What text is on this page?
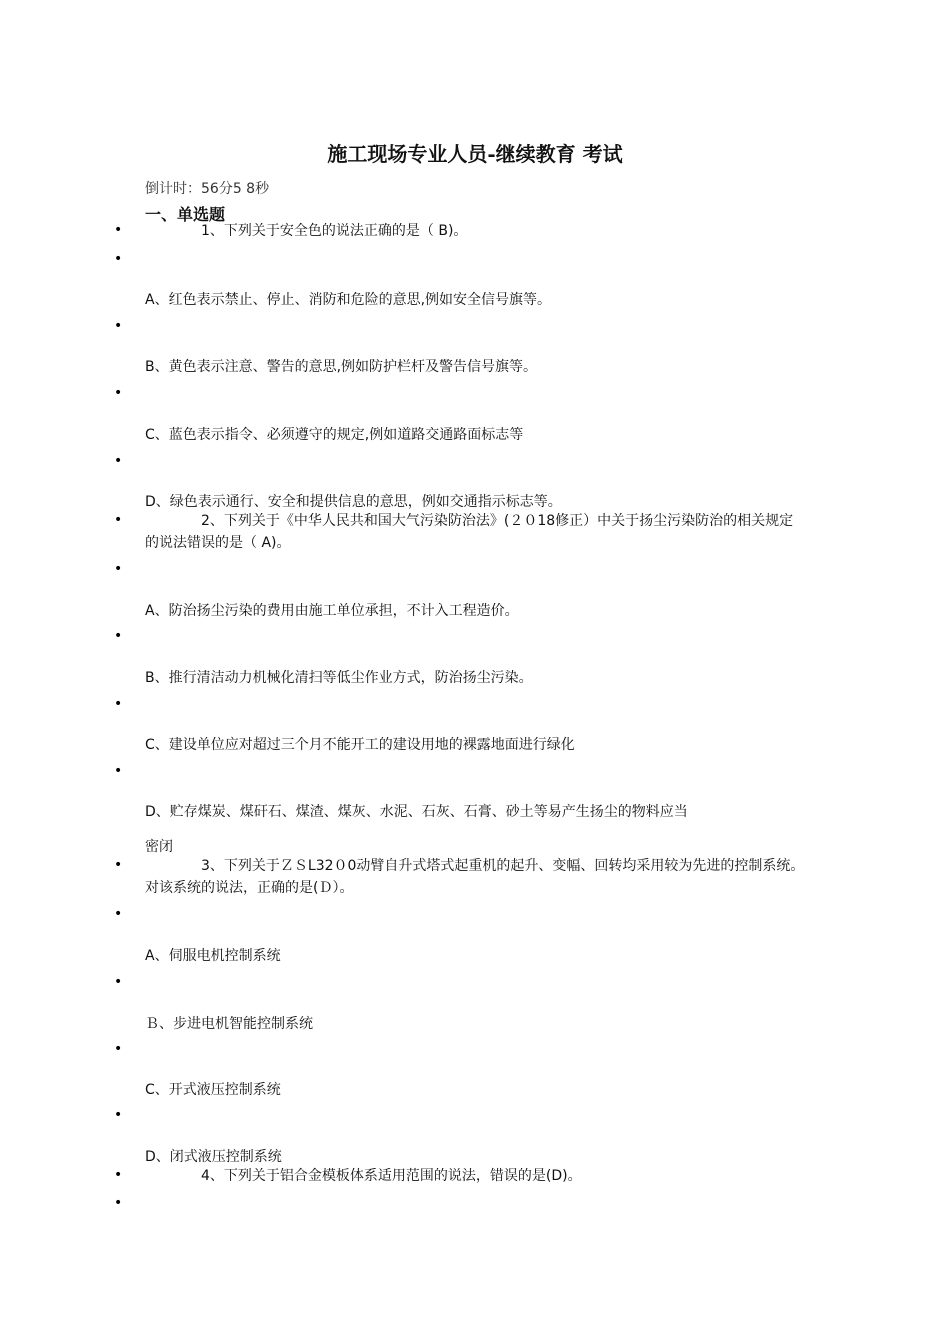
施工现场专业人员-继续教育 考试
倒计时：56分5 8秒
一、单选题
•
1、下列关于安全色的说法正确的是（ B)。
•
A、红色表示禁止、停止、消防和危险的意思,例如安全信号旗等。
•
B、黄色表示注意、警告的意思,例如防护栏杆及警告信号旗等。
•
C、蓝色表示指令、必须遵守的规定,例如道路交通路面标志等
•
D、绿色表示通行、安全和提供信息的意思，例如交通指示标志等。
•
2、下列关于《中华人民共和国大气污染防治法》(２０18修正）中关于扬尘污染防治的相关规定的说法错误的是（ A)。
•
A、防治扬尘污染的费用由施工单位承担，不计入工程造价。
•
B、推行清洁动力机械化清扫等低尘作业方式，防治扬尘污染。
•
C、建设单位应对超过三个月不能开工的建设用地的裸露地面进行绿化
•
D、贮存煤炭、煤矸石、煤渣、煤灰、水泥、石灰、石膏、砂土等易产生扬尘的物料应当
密闭
•
3、下列关于ＺＳL32０0动臂自升式塔式起重机的起升、变幅、回转均采用较为先进的控制系统。对该系统的说法，正确的是(Ｄ）。
•
A、伺服电机控制系统
•
Ｂ、步进电机智能控制系统
•
C、开式液压控制系统
•
D、闭式液压控制系统
•
4、下列关于铝合金模板体系适用范围的说法，错误的是(D)。
•
